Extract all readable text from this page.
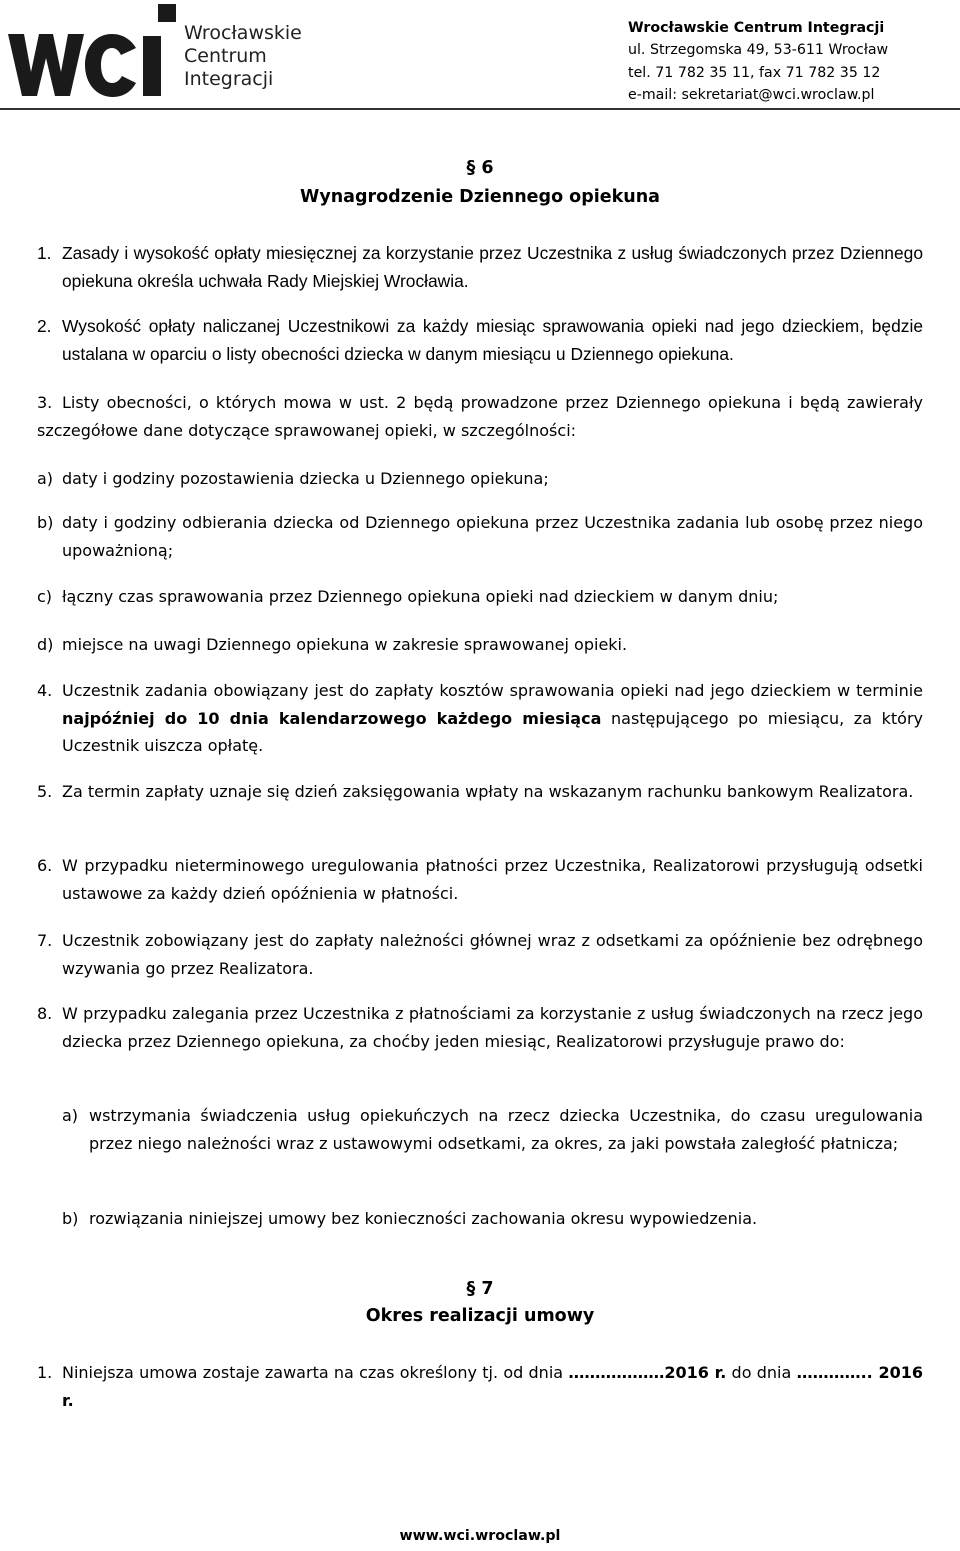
Wrocławskie
Centrum
Integracji
Wrocławskie Centrum Integracji
ul. Strzegomska 49, 53-611 Wrocław
tel. 71 782 35 11, fax 71 782 35 12
e-mail: sekretariat@wci.wroclaw.pl
§ 6
Wynagrodzenie Dziennego opiekuna
1. Zasady i wysokość opłaty miesięcznej za korzystanie przez Uczestnika z usług świadczonych przez Dziennego opiekuna określa uchwała Rady Miejskiej Wrocławia.
2. Wysokość opłaty naliczanej Uczestnikowi za każdy miesiąc sprawowania opieki nad jego dzieckiem, będzie ustalana w oparciu o listy obecności dziecka w danym miesiącu u Dziennego opiekuna.
3. Listy obecności, o których mowa w ust. 2 będą prowadzone przez Dziennego opiekuna i będą zawierały szczegółowe dane dotyczące sprawowanej opieki, w szczególności:
a) daty i godziny pozostawienia dziecka u Dziennego opiekuna;
b) daty i godziny odbierania dziecka od Dziennego opiekuna przez Uczestnika zadania lub osobę przez niego upoważnioną;
c) łączny czas sprawowania przez Dziennego opiekuna opieki nad dzieckiem w danym dniu;
d) miejsce na uwagi Dziennego opiekuna w zakresie sprawowanej opieki.
4. Uczestnik zadania obowiązany jest do zapłaty kosztów sprawowania opieki nad jego dzieckiem w terminie najpóźniej do 10 dnia kalendarzowego każdego miesiąca następującego po miesiącu, za który Uczestnik uiszcza opłatę.
5. Za termin zapłaty uznaje się dzień zaksięgowania wpłaty na wskazanym rachunku bankowym Realizatora.
6. W przypadku nieterminowego uregulowania płatności przez Uczestnika, Realizatorowi przysługują odsetki ustawowe za każdy dzień opóźnienia w płatności.
7. Uczestnik zobowiązany jest do zapłaty należności głównej wraz z odsetkami za opóźnienie bez odrębnego wzywania go przez Realizatora.
8. W przypadku zalegania przez Uczestnika z płatnościami za korzystanie z usług świadczonych na rzecz jego dziecka przez Dziennego opiekuna, za choćby jeden miesiąc, Realizatorowi przysługuje prawo do:
a) wstrzymania świadczenia usług opiekuńczych na rzecz dziecka Uczestnika, do czasu uregulowania przez niego należności wraz z ustawowymi odsetkami, za okres, za jaki powstała zaległość płatnicza;
b) rozwiązania niniejszej umowy bez konieczności zachowania okresu wypowiedzenia.
§ 7
Okres realizacji umowy
1. Niniejsza umowa zostaje zawarta na czas określony tj. od dnia ………………2016 r. do dnia ………….. 2016 r.
www.wci.wroclaw.pl
